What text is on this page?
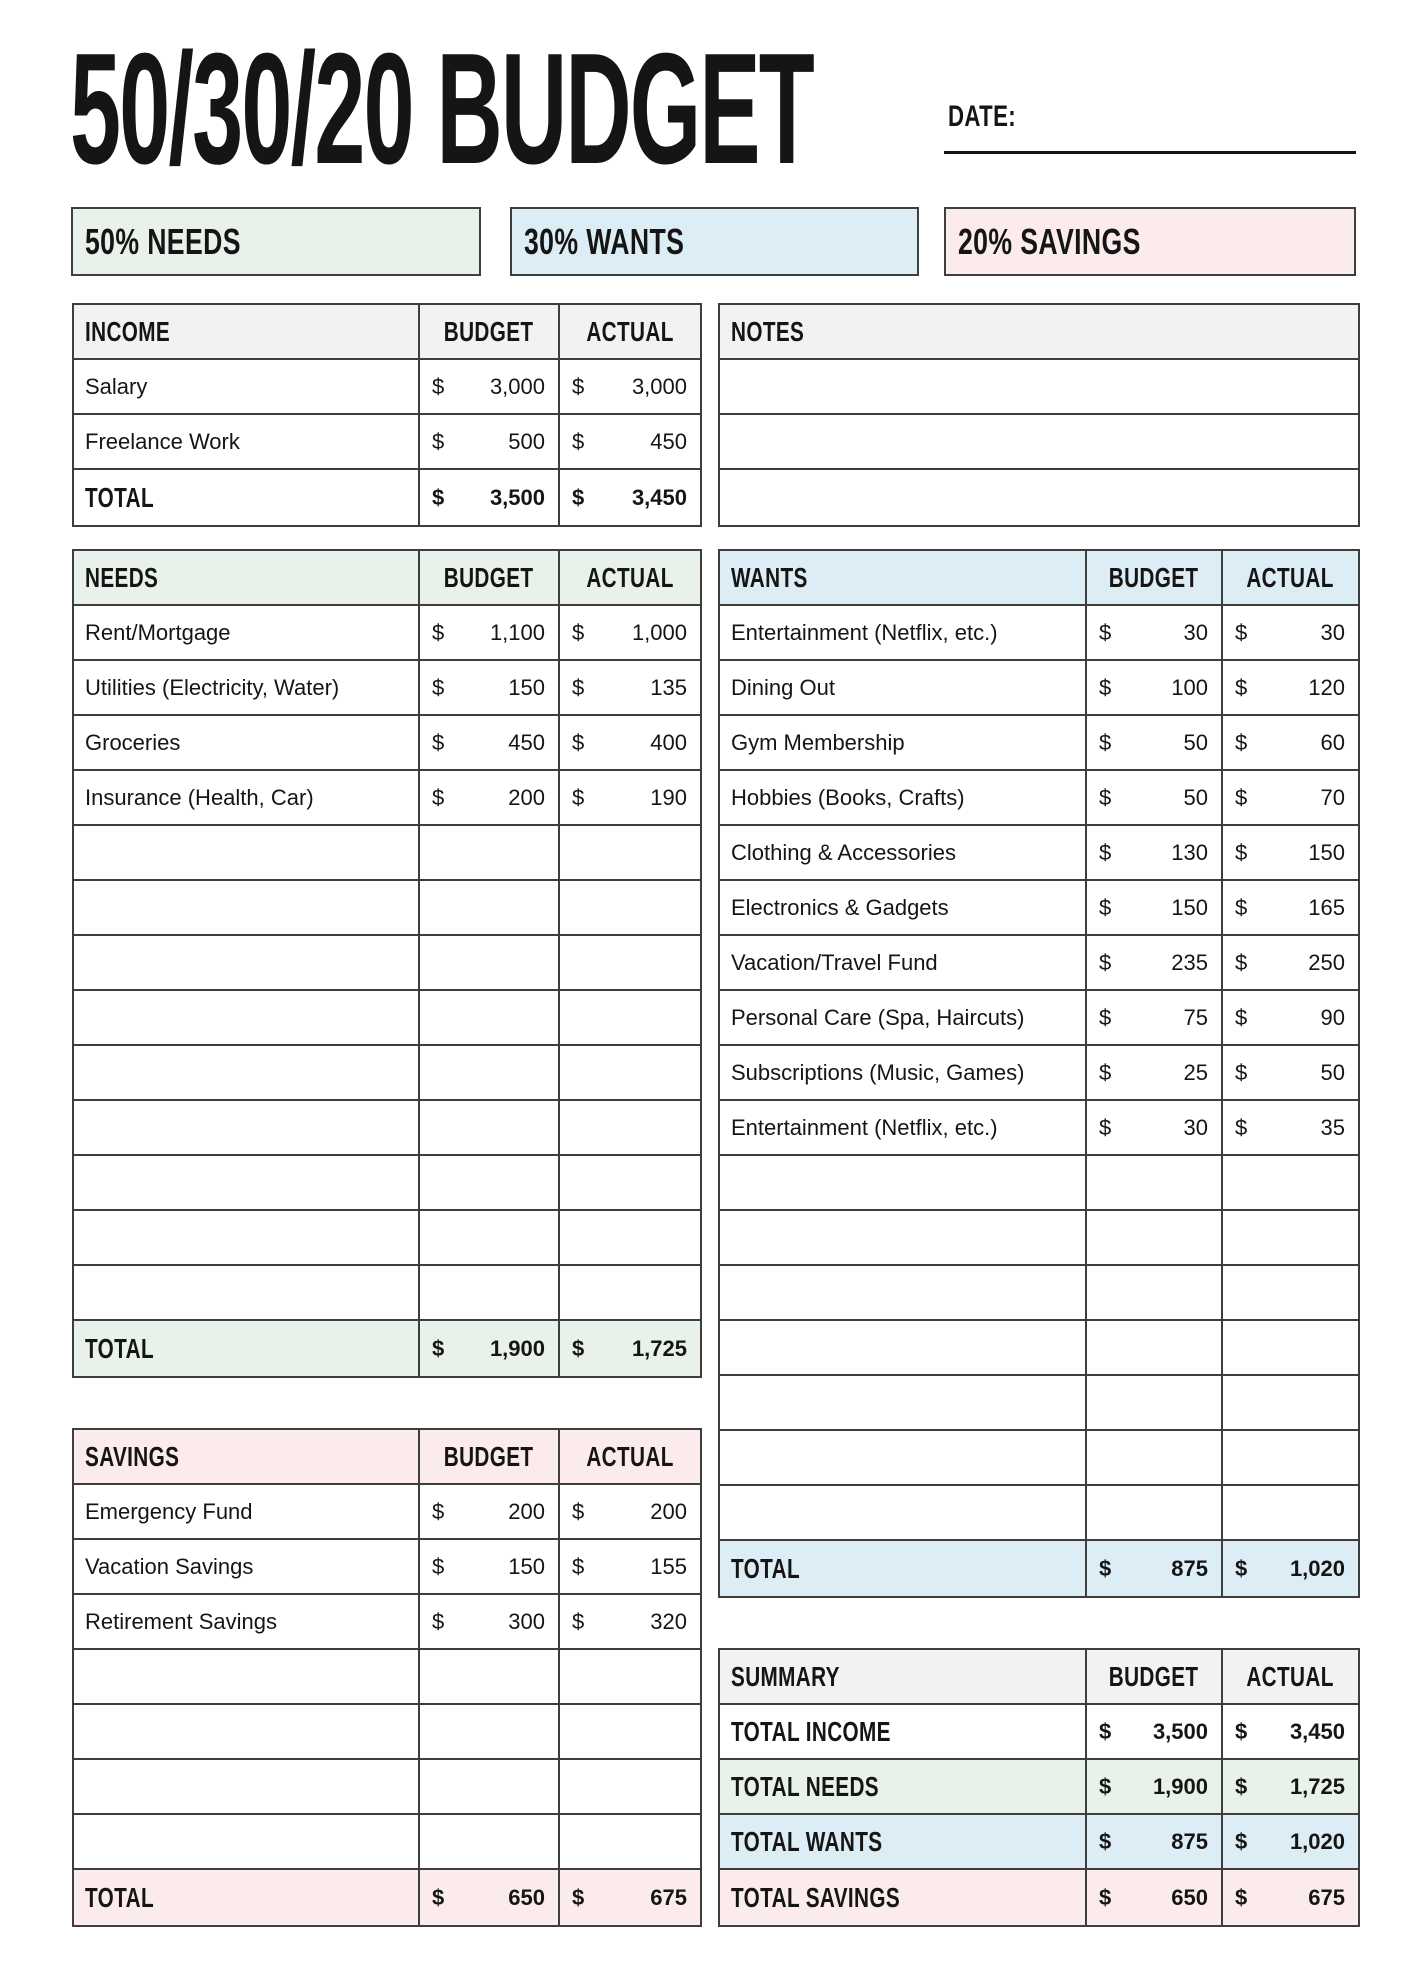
50/30/20 BUDGET	DATE:
50% NEEDS	30% WANTS	20% SAVINGS
INCOME	BUDGET ACTUAL
Salary	$ 3,000 $ 3,000
Freelance Work	$	500 $	450
TOTAL	$ 3,500 $ 3,450
NOTES
NEEDS	BUDGET ACTUAL
Rent/Mortgage	$ 1,100 $ 1,000
Utilities (Electricity, Water)	$	150 $	135
Groceries	$	450 $	400
Insurance (Health, Car)	$	200 $	190
TOTAL	$ 1,900 $ 1,725
WANTS	BUDGET ACTUAL
Entertainment (Netflix, etc.)	$	30 $	30
Dining Out	$	100 $	120
Gym Membership	$	50 $	60
Hobbies (Books, Crafts)	$	50 $	70
Clothing & Accessories	$	130 $	150
Electronics & Gadgets	$	150 $	165
Vacation/Travel Fund	$	235 $	250
Personal Care (Spa, Haircuts)	$	75 $	90
Subscriptions (Music, Games)	$	25 $	50
Entertainment (Netflix, etc.)	$	30 $	35
TOTAL	$	875 $ 1,020
SAVINGS	BUDGET ACTUAL
Emergency Fund	$	200 $	200
Vacation Savings	$	150 $	155
Retirement Savings	$	300 $	320
TOTAL	$	650 $	675
SUMMARY	BUDGET ACTUAL
TOTAL INCOME	$ 3,500 $ 3,450
TOTAL NEEDS	$ 1,900 $ 1,725
TOTAL WANTS	$	875 $ 1,020
TOTAL SAVINGS	$	650 $	675
